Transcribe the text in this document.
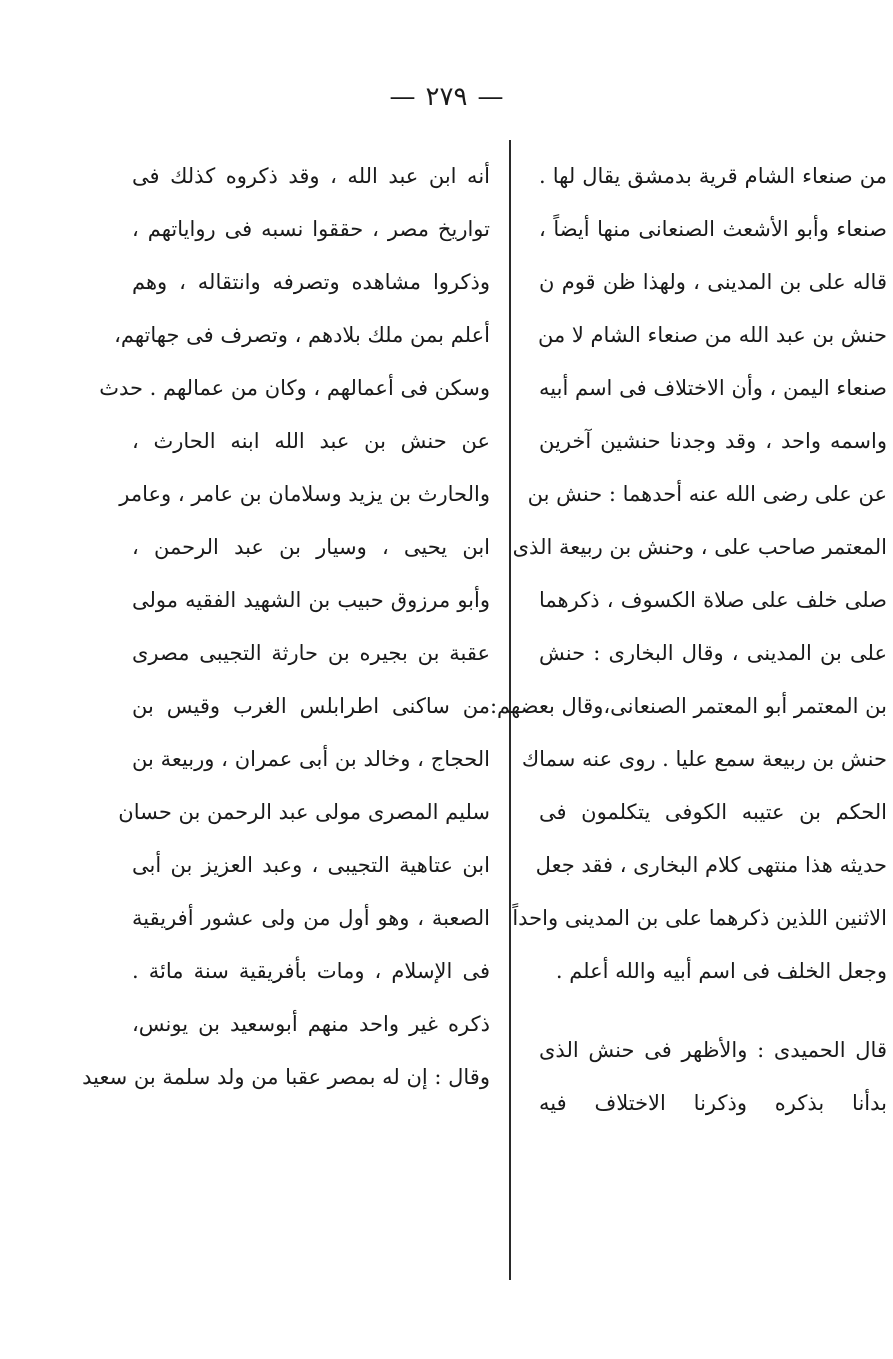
—٢٧٩—
من صنعاء الشام قرية بدمشق يقال لها .
صنعاء وأبو الأشعث الصنعانى منها أيضاً ،
قاله على بن المدينى ، ولهذا ظن قوم ن
حنش بن عبد الله من صنعاء الشام لا من
صنعاء اليمن ، وأن الاختلاف فى اسم أبيه
واسمه واحد ، وقد وجدنا حنشين آخرين
عن على رضى الله عنه أحدهما : حنش بن
المعتمر صاحب على ، وحنش بن ربيعة الذى
صلى خلف على صلاة الكسوف ، ذكرهما
على بن المدينى ، وقال البخارى : حنش
بن المعتمر أبو المعتمر الصنعانى،وقال بعضهم:
حنش بن ربيعة سمع عليا . روى عنه سماك
الحكم بن عتيبه الكوفى يتكلمون فى
حديثه هذا منتهى كلام البخارى ، فقد جعل
الاثنين اللذين ذكرهما على بن المدينى واحداً
وجعل الخلف فى اسم أبيه والله أعلم .
قال الحميدى : والأظهر فى حنش الذى
بدأنا بذكره وذكرنا الاختلاف فيه
أنه ابن عبد الله ، وقد ذكروه كذلك فى
تواريخ مصر ، حققوا نسبه فى رواياتهم ،
وذكروا مشاهده وتصرفه وانتقاله ، وهم
أعلم بمن ملك بلادهم ، وتصرف فى جهاتهم،
وسكن فى أعمالهم ، وكان من عمالهم . حدث
عن حنش بن عبد الله ابنه الحارث ،
والحارث بن يزيد وسلامان بن عامر ، وعامر
ابن يحيى ، وسيار بن عبد الرحمن ،
وأبو مرزوق حبيب بن الشهيد الفقيه مولى
عقبة بن بجيره بن حارثة التجيبى مصرى
من ساكنى اطرابلس الغرب وقيس بن
الحجاج ، وخالد بن أبى عمران ، وربيعة بن
سليم المصرى مولى عبد الرحمن بن حسان
ابن عتاهية التجيبى ، وعبد العزيز بن أبى
الصعبة ، وهو أول من ولى عشور أفريقية
فى الإسلام ، ومات بأفريقية سنة مائة .
ذكره غير واحد منهم أبوسعيد بن يونس،
وقال : إن له بمصر عقبا من ولد سلمة بن سعيد
